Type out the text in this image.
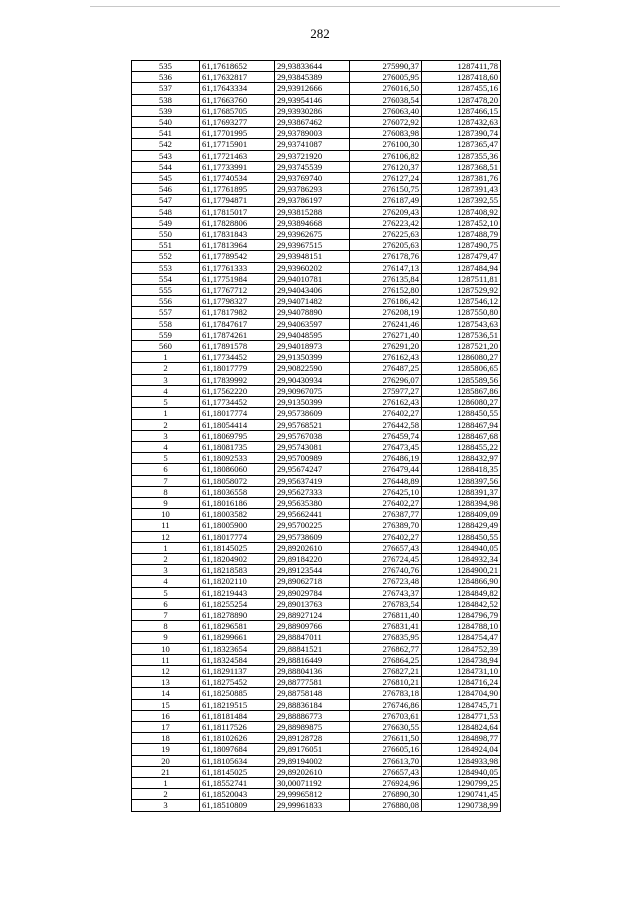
282
535	61,17618652	29,93833644	275990,37	1287411,78
536	61,17632817	29,93845389	276005,95	1287418,60
537	61,17643334	29,93912666	276016,50	1287455,16
538	61,17663760	29,93954146	276038,54	1287478,20
539	61,17685705	29,93930286	276063,40	1287466,15
540	61,17693277	29,93867462	276072,92	1287432,63
541	61,17701995	29,93789003	276083,98	1287390,74
542	61,17715901	29,93741087	276100,30	1287365,47
543	61,17721463	29,93721920	276106,82	1287355,36
544	61,17733991	29,93745539	276120,37	1287368,51
545	61,17740534	29,93769740	276127,24	1287381,76
546	61,17761895	29,93786293	276150,75	1287391,43
547	61,17794871	29,93786197	276187,49	1287392,55
548	61,17815017	29,93815288	276209,43	1287408,92
549	61,17828806	29,93894668	276223,42	1287452,10
550	61,17831843	29,93962675	276225,63	1287488,79
551	61,17813964	29,93967515	276205,63	1287490,75
552	61,17789542	29,93948151	276178,76	1287479,47
553	61,17761333	29,93960202	276147,13	1287484,94
554	61,17751984	29,94010781	276135,84	1287511,81
555	61,17767712	29,94043406	276152,80	1287529,92
556	61,17798327	29,94071482	276186,42	1287546,12
557	61,17817982	29,94078890	276208,19	1287550,80
558	61,17847617	29,94063597	276241,46	1287543,63
559	61,17874261	29,94048595	276271,40	1287536,51
560	61,17891578	29,94018973	276291,20	1287521,20
1	61,17734452	29,91350399	276162,43	1286080,27
2	61,18017779	29,90822590	276487,25	1285806,65
3	61,17839992	29,90430934	276296,07	1285589,56
4	61,17562220	29,90967075	275977,27	1285867,86
5	61,17734452	29,91350399	276162,43	1286080,27
1	61,18017774	29,95738609	276402,27	1288450,55
2	61,18054414	29,95768521	276442,58	1288467,94
3	61,18069795	29,95767038	276459,74	1288467,68
4	61,18081735	29,95743081	276473,45	1288455,22
5	61,18092533	29,95700989	276486,19	1288432,97
6	61,18086060	29,95674247	276479,44	1288418,35
7	61,18058072	29,95637419	276448,89	1288397,56
8	61,18036558	29,95627333	276425,10	1288391,37
9	61,18016186	29,95635380	276402,27	1288394,98
10	61,18003582	29,95662441	276387,77	1288409,09
11	61,18005900	29,95700225	276389,70	1288429,49
12	61,18017774	29,95738609	276402,27	1288450,55
1	61,18145025	29,89202610	276657,43	1284940,05
2	61,18204902	29,89184220	276724,45	1284932,34
3	61,18218583	29,89123544	276740,76	1284900,21
4	61,18202110	29,89062718	276723,48	1284866,90
5	61,18219443	29,89029784	276743,37	1284849,82
6	61,18255254	29,89013763	276783,54	1284842,52
7	61,18278890	29,88927124	276811,40	1284796,79
8	61,18296581	29,88909766	276831,41	1284788,10
9	61,18299661	29,88847011	276835,95	1284754,47
10	61,18323654	29,88841521	276862,77	1284752,39
11	61,18324584	29,88816449	276864,25	1284738,94
12	61,18291137	29,88804136	276827,21	1284731,10
13	61,18275452	29,88777581	276810,21	1284716,24
14	61,18250885	29,88758148	276783,18	1284704,90
15	61,18219515	29,88836184	276746,86	1284745,71
16	61,18181484	29,88886773	276703,61	1284771,53
17	61,18117526	29,88989875	276630,55	1284824,64
18	61,18102626	29,89128728	276611,50	1284898,77
19	61,18097684	29,89176051	276605,16	1284924,04
20	61,18105634	29,89194002	276613,70	1284933,98
21	61,18145025	29,89202610	276657,43	1284940,05
1	61,18552741	30,00071192	276924,96	1290799,25
2	61,18520043	29,99965812	276890,30	1290741,45
3	61,18510809	29,99961833	276880,08	1290738,99
